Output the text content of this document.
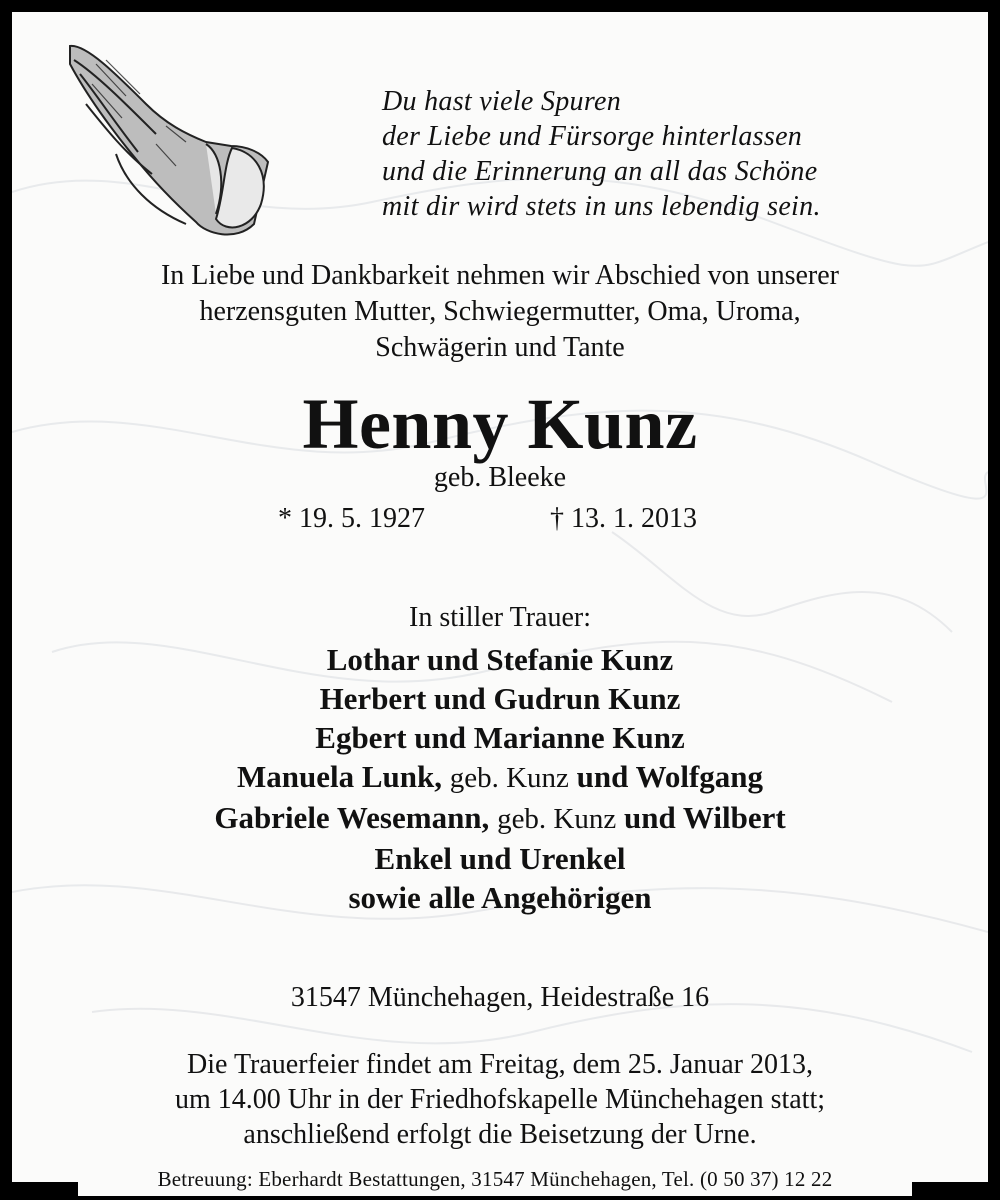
Du hast viele Spuren
der Liebe und Fürsorge hinterlassen
und die Erinnerung an all das Schöne
mit dir wird stets in uns lebendig sein.
In Liebe und Dankbarkeit nehmen wir Abschied von unserer
herzensguten Mutter, Schwiegermutter, Oma, Uroma,
Schwägerin und Tante
Henny Kunz
geb. Bleeke
* 19. 5. 1927	† 13. 1. 2013
In stiller Trauer:
Lothar und Stefanie Kunz
Herbert und Gudrun Kunz
Egbert und Marianne Kunz
Manuela Lunk, geb. Kunz und Wolfgang
Gabriele Wesemann, geb. Kunz und Wilbert
Enkel und Urenkel
sowie alle Angehörigen
31547 Münchehagen, Heidestraße 16
Die Trauerfeier findet am Freitag, dem 25. Januar 2013,
um 14.00 Uhr in der Friedhofskapelle Münchehagen statt;
anschließend erfolgt die Beisetzung der Urne.
Betreuung: Eberhardt Bestattungen, 31547 Münchehagen, Tel. (0 50 37) 12 22
